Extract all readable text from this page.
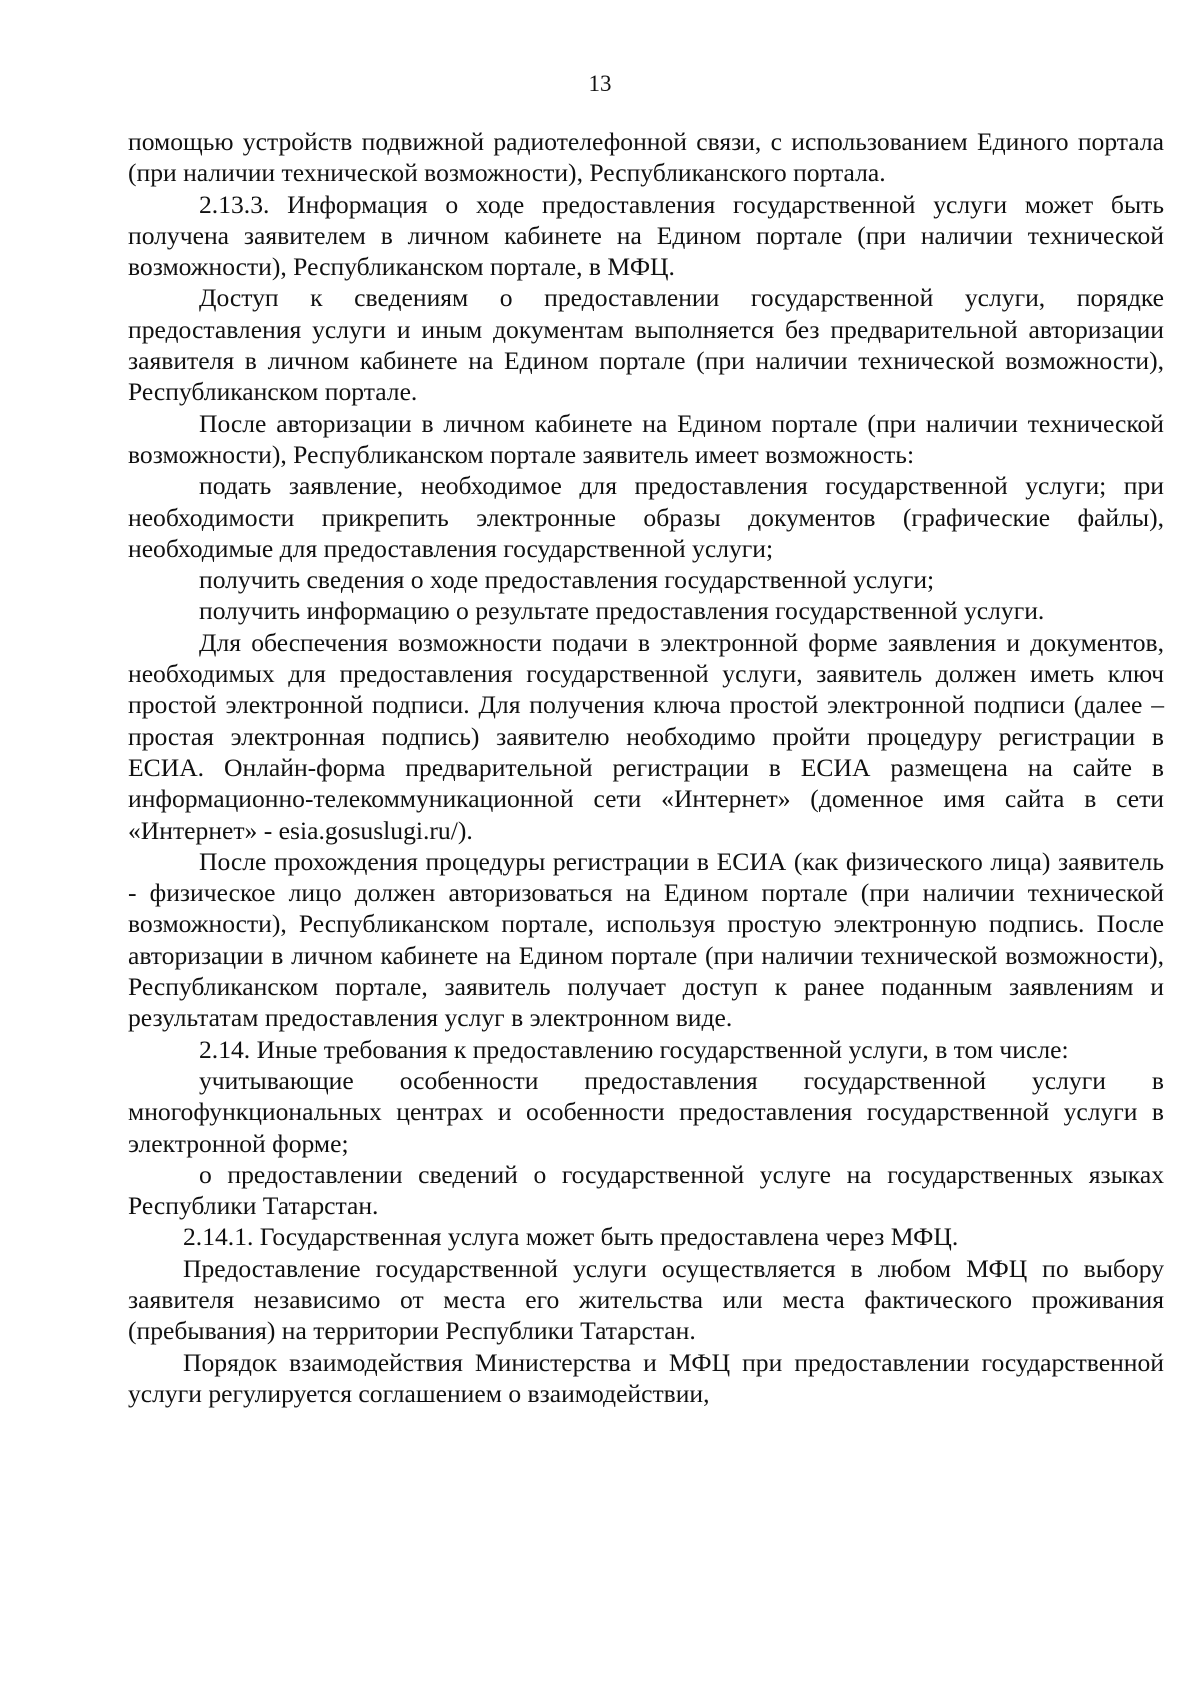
13

помощью устройств подвижной радиотелефонной связи, с использованием Единого портала (при наличии технической возможности), Республиканского портала.

2.13.3. Информация о ходе предоставления государственной услуги может быть получена заявителем в личном кабинете на Едином портале (при наличии технической возможности), Республиканском портале, в МФЦ.

Доступ к сведениям о предоставлении государственной услуги, порядке предоставления услуги и иным документам выполняется без предварительной авторизации заявителя в личном кабинете на Едином портале (при наличии технической возможности), Республиканском портале.

После авторизации в личном кабинете на Едином портале (при наличии технической возможности), Республиканском портале заявитель имеет возможность:

подать заявление, необходимое для предоставления государственной услуги; при необходимости прикрепить электронные образы документов (графические файлы), необходимые для предоставления государственной услуги;

получить сведения о ходе предоставления государственной услуги;

получить информацию о результате предоставления государственной услуги.

Для обеспечения возможности подачи в электронной форме заявления и документов, необходимых для предоставления государственной услуги, заявитель должен иметь ключ простой электронной подписи. Для получения ключа простой электронной подписи (далее – простая электронная подпись) заявителю необходимо пройти процедуру регистрации в ЕСИА. Онлайн-форма предварительной регистрации в ЕСИА размещена на сайте в информационно-телекоммуникационной сети «Интернет» (доменное имя сайта в сети «Интернет» - esia.gosuslugi.ru/).

После прохождения процедуры регистрации в ЕСИА (как физического лица) заявитель - физическое лицо должен авторизоваться на Едином портале (при наличии технической возможности), Республиканском портале, используя простую электронную подпись. После авторизации в личном кабинете на Едином портале (при наличии технической возможности), Республиканском портале, заявитель получает доступ к ранее поданным заявлениям и результатам предоставления услуг в электронном виде.

2.14. Иные требования к предоставлению государственной услуги, в том числе:

учитывающие особенности предоставления государственной услуги в многофункциональных центрах и особенности предоставления государственной услуги в электронной форме;

о предоставлении сведений о государственной услуге на государственных языках Республики Татарстан.

2.14.1. Государственная услуга может быть предоставлена через МФЦ.

Предоставление государственной услуги осуществляется в любом МФЦ по выбору заявителя независимо от места его жительства или места фактического проживания (пребывания) на территории Республики Татарстан.

Порядок взаимодействия Министерства и МФЦ при предоставлении государственной услуги регулируется соглашением о взаимодействии,
